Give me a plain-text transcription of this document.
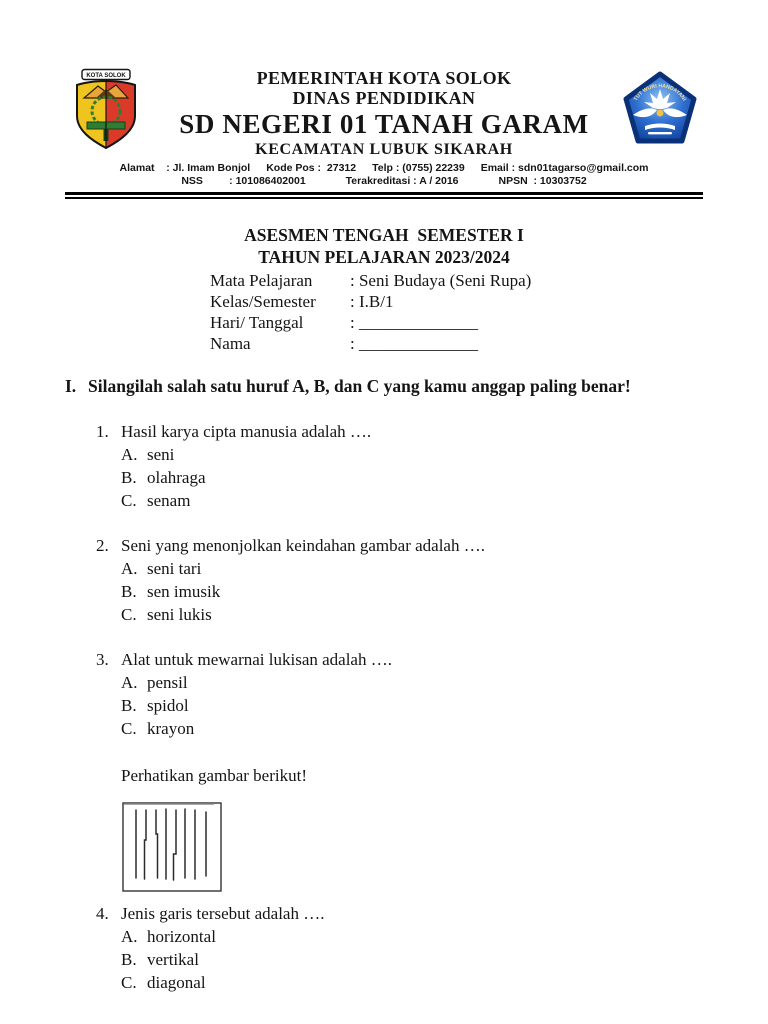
KOTA SOLOK
TUT WURI HANDAYANI
PEMERINTAH KOTA SOLOK
DINAS PENDIDIKAN
SD NEGERI 01 TANAH GARAM
KECAMATAN LUBUK SIKARAH
Alamat    : Jl. Imam Bonjol Kode Pos :  27312 Telp : (0755) 22239 Email : sdn01tagarso@gmail.com
NSS         : 101086402001	Terakreditasi : A / 2016	NPSN  : 10303752
ASESMEN TENGAH  SEMESTER I
TAHUN PELAJARAN 2023/2024
Mata Pelajaran	: Seni Budaya (Seni Rupa)
Kelas/Semester	: I.B/1
Hari/ Tanggal	: ______________
Nama	: ______________
I. Silangilah salah satu huruf A, B, dan C yang kamu anggap paling benar!
1. Hasil karya cipta manusia adalah ….
A. seni
B. olahraga
C. senam
2. Seni yang menonjolkan keindahan gambar adalah ….
A. seni tari
B. sen imusik
C. seni lukis
3. Alat untuk mewarnai lukisan adalah ….
A. pensil
B. spidol
C. krayon
Perhatikan gambar berikut!
4. Jenis garis tersebut adalah ….
A. horizontal
B. vertikal
C. diagonal
